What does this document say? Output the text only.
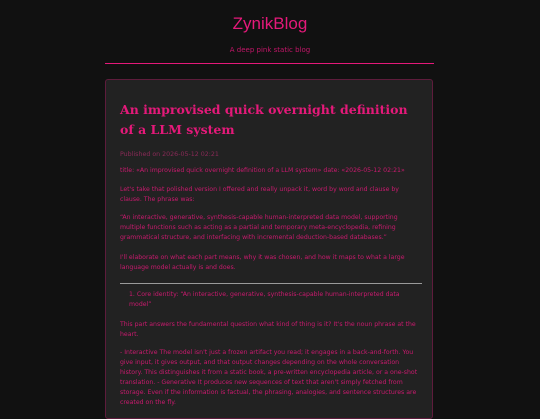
ZynikBlog
A deep pink static blog
An improvised quick overnight definition of a LLM system

Published on 2026-05-12 02:21

title: «An improvised quick overnight definition of a LLM system» date: «2026-05-12 02:21»

Let's take that polished version I offered and really unpack it, word by word and clause by clause. The phrase was:

“An interactive, generative, synthesis-capable human-interpreted data model, supporting multiple functions such as acting as a partial and temporary meta-encyclopedia, refining grammatical structure, and interfacing with incremental deduction-based databases.”

I'll elaborate on what each part means, why it was chosen, and how it maps to what a large language model actually is and does.

1. Core identity: “An interactive, generative, synthesis-capable human-interpreted data model”

This part answers the fundamental question what kind of thing is it? It's the noun phrase at the heart.

- Interactive The model isn't just a frozen artifact you read; it engages in a back-and-forth. You give input, it gives output, and that output changes depending on the whole conversation history. This distinguishes it from a static book, a pre-written encyclopedia article, or a one-shot translation. - Generative It produces new sequences of text that aren't simply fetched from storage. Even if the information is factual, the phrasing, analogies, and sentence structures are created on the fly.
